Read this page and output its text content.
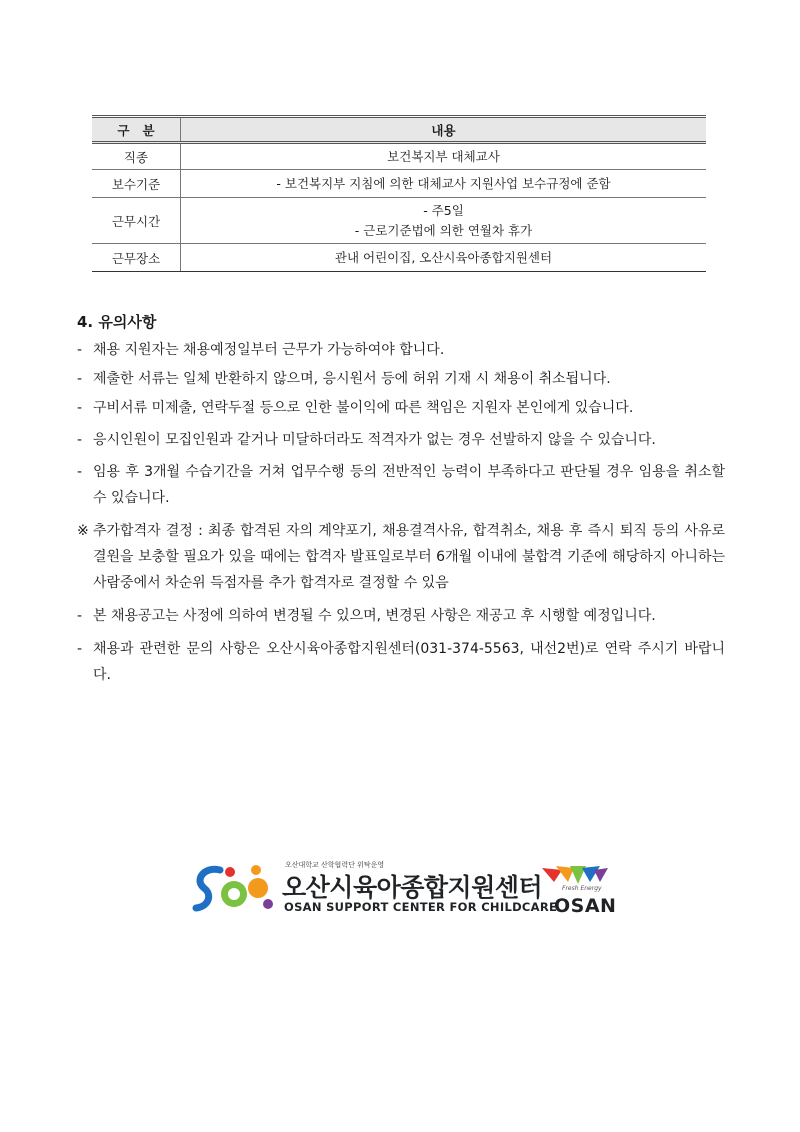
구   분	내용
직종	보건복지부 대체교사

보수기준	- 보건복지부 지침에 의한 대체교사 지원사업 보수규정에 준함

근무시간	- 주5일
- 근로기준법에 의한 연월차 휴가

근무장소	관내 어린이집, 오산시육아종합지원센터
4. 유의사항
- 채용 지원자는 채용예정일부터 근무가 가능하여야 합니다.
- 제출한 서류는 일체 반환하지 않으며, 응시원서 등에 허위 기재 시 채용이 취소됩니다.
- 구비서류 미제출, 연락두절 등으로 인한 불이익에 따른 책임은 지원자 본인에게 있습니다.
- 응시인원이 모집인원과 같거나 미달하더라도 적격자가 없는 경우 선발하지 않을 수 있습니다.
- 임용 후 3개월 수습기간을 거쳐 업무수행 등의 전반적인 능력이 부족하다고 판단될 경우 임용을 취소할 수 있습니다.
※ 추가합격자 결정 : 최종 합격된 자의 계약포기, 채용결격사유, 합격취소, 채용 후 즉시 퇴직 등의 사유로 결원을 보충할 필요가 있을 때에는 합격자 발표일로부터 6개월 이내에 불합격 기준에 해당하지 아니하는 사람중에서 차순위 득점자를 추가 합격자로 결정할 수 있음
- 본 채용공고는 사정에 의하여 변경될 수 있으며, 변경된 사항은 재공고 후 시행할 예정입니다.
- 채용과 관련한 문의 사항은 오산시육아종합지원센터(031-374-5563, 내선2번)로 연락 주시기 바랍니다.
오산대학교 산학협력단 위탁운영
오산시육아종합지원센터
OSAN SUPPORT CENTER FOR CHILDCARE
Fresh Energy
OSAN
